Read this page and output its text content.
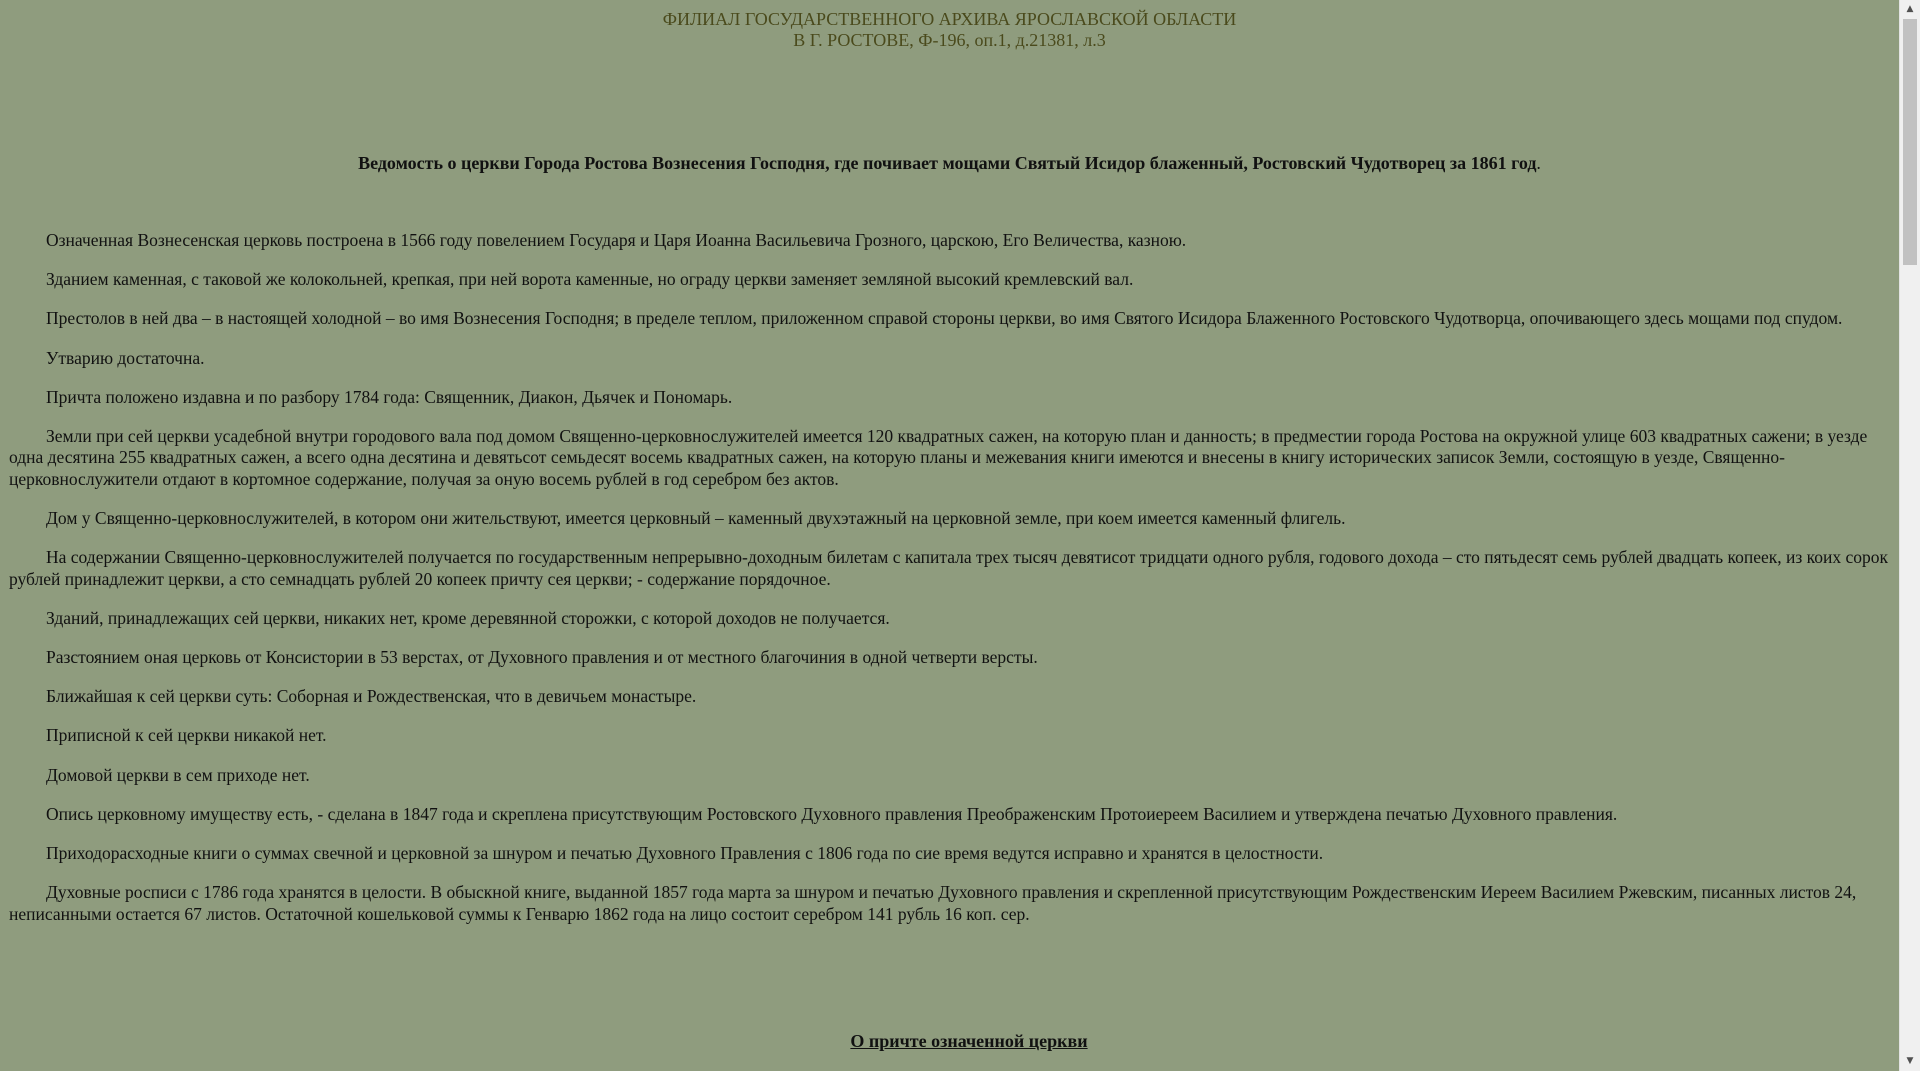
ФИЛИАЛ ГОСУДАРСТВЕННОГО АРХИВА ЯРОСЛАВСКОЙ ОБЛАСТИ
В Г. РОСТОВЕ, Ф-196, оп.1, д.21381, л.3
Ведомость о церкви Города Ростова Вознесения Господня, где почивает мощами Святый Исидор блаженный, Ростовский Чудотворец за 1861 год.

Означенная Вознесенская церковь построена в 1566 году повелением Государя и Царя Иоанна Васильевича Грозного, царскою, Его Величества, казною.

Зданием каменная, с таковой же колокольней, крепкая, при ней ворота каменные, но ограду церкви заменяет земляной высокий кремлевский вал.

Престолов в ней два – в настоящей холодной – во имя Вознесения Господня; в пределе теплом, приложенном справой стороны церкви, во имя Святого Исидора Блаженного Ростовского Чудотворца, опочивающего здесь мощами под спудом.

Утварию достаточна.

Причта положено издавна и по разбору 1784 года: Священник, Диакон, Дьячек и Пономарь.

Земли при сей церкви усадебной внутри городового вала под домом Священно-церковнослужителей имеется 120 квадратных сажен, на которую план и данность; в предместии города Ростова на окружной улице 603 квадратных сажени; в уезде одна десятина 255 квадратных сажен, а всего одна десятина и девятьсот семьдесят восемь квадратных сажен, на которую планы и межевания книги имеются и внесены в книгу исторических записок Земли, состоящую в уезде, Священно-церковнослужители отдают в кортомное содержание, получая за оную восемь рублей в год серебром без актов.

Дом у Священно-церковнослужителей, в котором они жительствуют, имеется церковный – каменный двухэтажный на церковной земле, при коем имеется каменный флигель.

На содержании Священно-церковнослужителей получается по государственным непрерывно-доходным билетам с капитала трех тысяч девятисот тридцати одного рубля, годового дохода – сто пятьдесят семь рублей двадцать копеек, из коих сорок рублей принадлежит церкви, а сто семнадцать рублей 20 копеек причту сея церкви; - содержание порядочное.

Зданий, принадлежащих сей церкви, никаких нет, кроме деревянной сторожки, с которой доходов не получается.

Разстоянием оная церковь от Консистории в 53 верстах, от Духовного правления и от местного благочиния в одной четверти версты.

Ближайшая к сей церкви суть: Соборная и Рождественская, что в девичьем монастыре.

Приписной к сей церкви никакой нет.

Домовой церкви в сем приходе нет.

Опись церковному имуществу есть, - сделана в 1847 года и скреплена присутствующим Ростовского Духовного правления Преображенским Протоиереем Василием и утверждена печатью Духовного правления.

Приходорасходные книги о суммах свечной и церковной за шнуром и печатью Духовного Правления с 1806 года по сие время ведутся исправно и хранятся в целостности.

Духовные росписи с 1786 года хранятся в целости. В обыскной книге, выданной 1857 года марта за шнуром и печатью Духовного правления и скрепленной присутствующим Рождественским Иереем Василием Ржевским, писанных листов 24, неписанными остается 67 листов. Остаточной кошельковой суммы к Генварю 1862 года на лицо состоит серебром 141 рубль 16 коп. сер.

О причте означенной церкви
▲
▼
